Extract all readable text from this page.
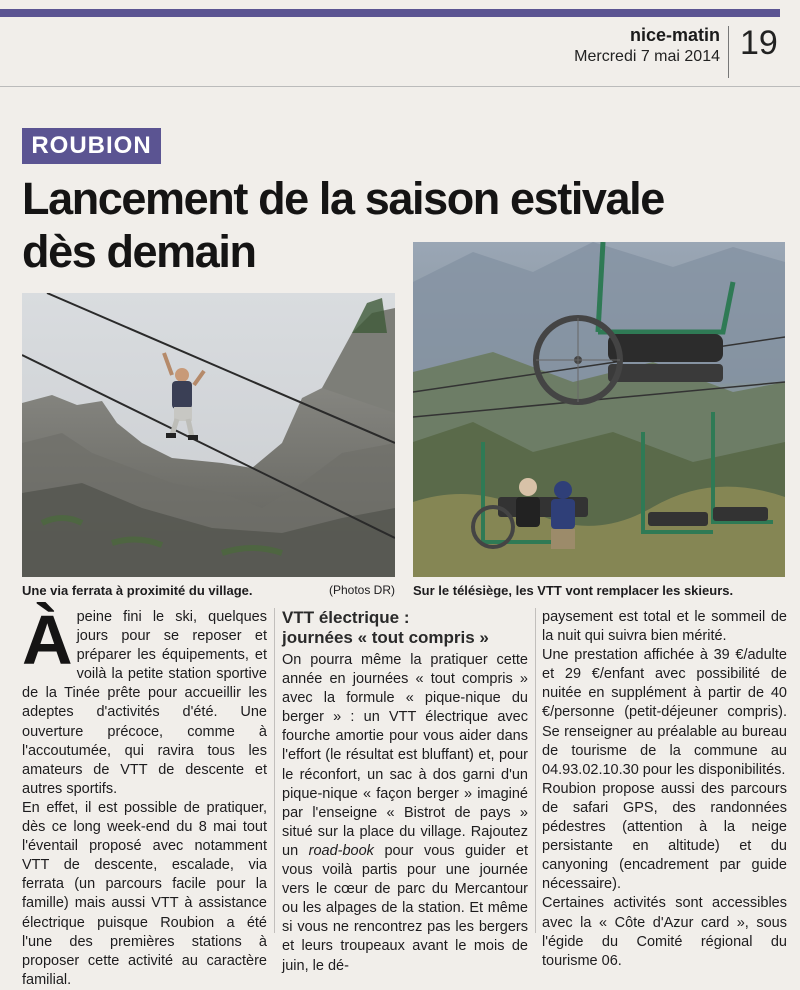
nice-matin
Mercredi 7 mai 2014 19
ROUBION
Lancement de la saison estivale
dès demain
Une via ferrata à proximité du village.	(Photos DR) Sur le télésiège, les VTT vont remplacer les skieurs.

Àpeine fini le ski, quelques jours pour se reposer et préparer les équipements, et voilà la petite station sportive de la Tinée prête pour accueillir les adeptes d'activités d'été. Une ouverture précoce, comme à l'accoutumée, qui ravira tous les amateurs de VTT de descente et autres sportifs.

En effet, il est possible de pratiquer, dès ce long week-end du 8 mai tout l'éventail proposé avec notamment VTT de descente, escalade, via ferrata (un parcours facile pour la famille) mais aussi VTT à assistance électrique puisque Roubion a été l'une des premières stations à proposer cette activité au caractère familial.

VTT électrique :
journées « tout compris »

On pourra même la pratiquer cette année en journées « tout compris » avec la formule « pique-nique du berger » : un VTT électrique avec fourche amortie pour vous aider dans l'effort (le résultat est bluffant) et, pour le réconfort, un sac à dos garni d'un pique-nique « façon berger » imaginé par l'enseigne « Bistrot de pays » situé sur la place du village. Rajoutez un road-book pour vous guider et vous voilà partis pour une journée vers le cœur de parc du Mercantour ou les alpages de la station. Et même si vous ne rencontrez pas les bergers et leurs troupeaux avant le mois de juin, le dé-

paysement est total et le sommeil de la nuit qui suivra bien mérité.

Une prestation affichée à 39 €/adulte et 29 €/enfant avec possibilité de nuitée en supplément à partir de 40 €/personne (petit-déjeuner compris). Se renseigner au préalable au bureau de tourisme de la commune au 04.93.02.10.30 pour les disponibilités.

Roubion propose aussi des parcours de safari GPS, des randonnées pédestres (attention à la neige persistante en altitude) et du canyoning (encadrement par guide nécessaire).

Certaines activités sont accessibles avec la « Côte d'Azur card », sous l'égide du Comité régional du tourisme 06.
